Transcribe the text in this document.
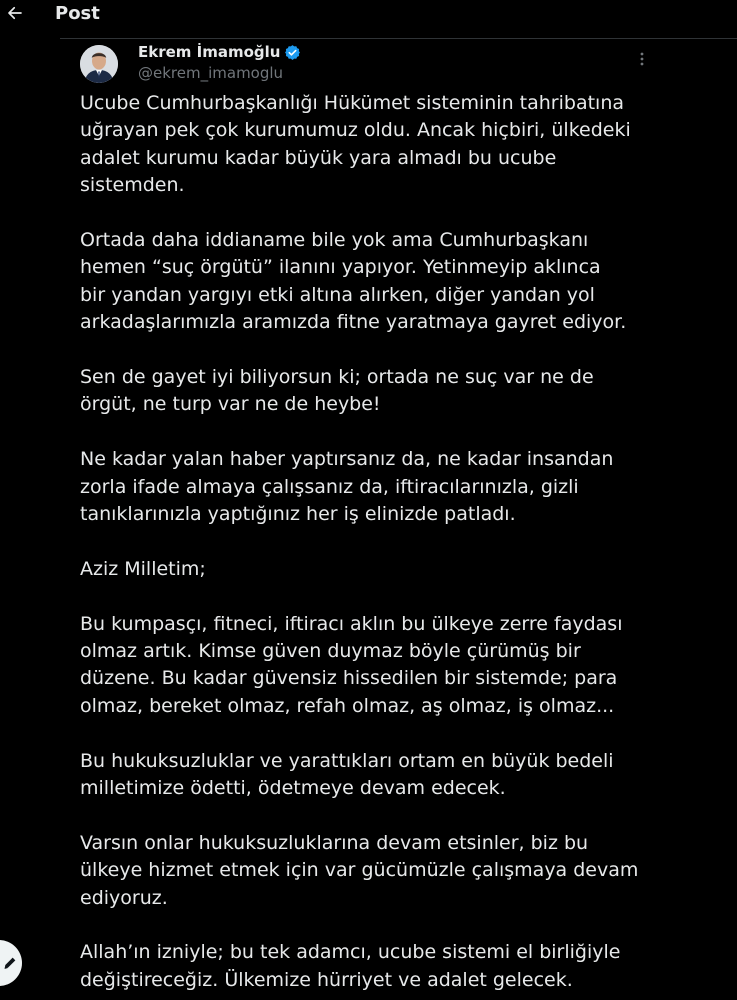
Post
Ekrem İmamoğlu
@ekrem_imamoglu

Ucube Cumhurbaşkanlığı Hükümet sisteminin tahribatına
uğrayan pek çok kurumumuz oldu. Ancak hiçbiri, ülkedeki
adalet kurumu kadar büyük yara almadı bu ucube
sistemden.

Ortada daha iddianame bile yok ama Cumhurbaşkanı
hemen “suç örgütü” ilanını yapıyor. Yetinmeyip aklınca
bir yandan yargıyı etki altına alırken, diğer yandan yol
arkadaşlarımızla aramızda fitne yaratmaya gayret ediyor.

Sen de gayet iyi biliyorsun ki; ortada ne suç var ne de
örgüt, ne turp var ne de heybe!

Ne kadar yalan haber yaptırsanız da, ne kadar insandan
zorla ifade almaya çalışsanız da, iftiracılarınızla, gizli
tanıklarınızla yaptığınız her iş elinizde patladı.

Aziz Milletim;

Bu kumpasçı, fitneci, iftiracı aklın bu ülkeye zerre faydası
olmaz artık. Kimse güven duymaz böyle çürümüş bir
düzene. Bu kadar güvensiz hissedilen bir sistemde; para
olmaz, bereket olmaz, refah olmaz, aş olmaz, iş olmaz...

Bu hukuksuzluklar ve yarattıkları ortam en büyük bedeli
milletimize ödetti, ödetmeye devam edecek.

Varsın onlar hukuksuzluklarına devam etsinler, biz bu
ülkeye hizmet etmek için var gücümüzle çalışmaya devam
ediyoruz.

Allah’ın izniyle; bu tek adamcı, ucube sistemi el birliğiyle
değiştireceğiz. Ülkemize hürriyet ve adalet gelecek.
